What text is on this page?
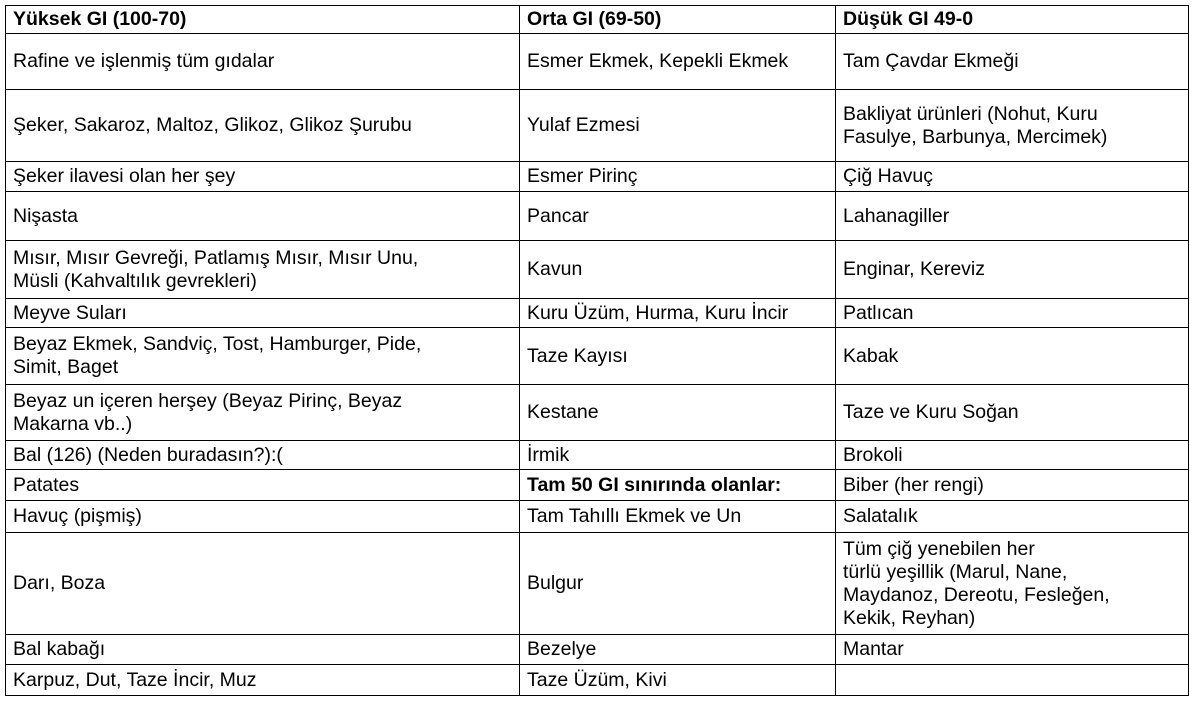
Yüksek GI (100-70)	Orta GI (69-50)	Düşük GI 49-0
Rafine ve işlenmiş tüm gıdalar	Esmer Ekmek, Kepekli Ekmek	Tam Çavdar Ekmeği
Şeker, Sakaroz, Maltoz, Glikoz, Glikoz Şurubu	Yulaf Ezmesi	Bakliyat ürünleri (Nohut, Kuru
Fasulye, Barbunya, Mercimek)
Şeker ilavesi olan her şey	Esmer Pirinç	Çiğ Havuç
Nişasta	Pancar	Lahanagiller
Mısır, Mısır Gevreği, Patlamış Mısır, Mısır Unu,
Müsli (Kahvaltılık gevrekleri)	Kavun	Enginar, Kereviz
Meyve Suları	Kuru Üzüm, Hurma, Kuru İncir	Patlıcan
Beyaz Ekmek, Sandviç, Tost, Hamburger, Pide,
Simit, Baget	Taze Kayısı	Kabak
Beyaz un içeren herşey (Beyaz Pirinç, Beyaz
Makarna vb..)	Kestane	Taze ve Kuru Soğan
Bal (126) (Neden buradasın?):(	İrmik	Brokoli
Patates	Tam 50 GI sınırında olanlar:	Biber (her rengi)
Havuç (pişmiş)	Tam Tahıllı Ekmek ve Un	Salatalık
Darı, Boza	Bulgur	Tüm çiğ yenebilen her
türlü yeşillik (Marul, Nane,
Maydanoz, Dereotu, Fesleğen,
Kekik, Reyhan)
Bal kabağı	Bezelye	Mantar
Karpuz, Dut, Taze İncir, Muz	Taze Üzüm, Kivi	
